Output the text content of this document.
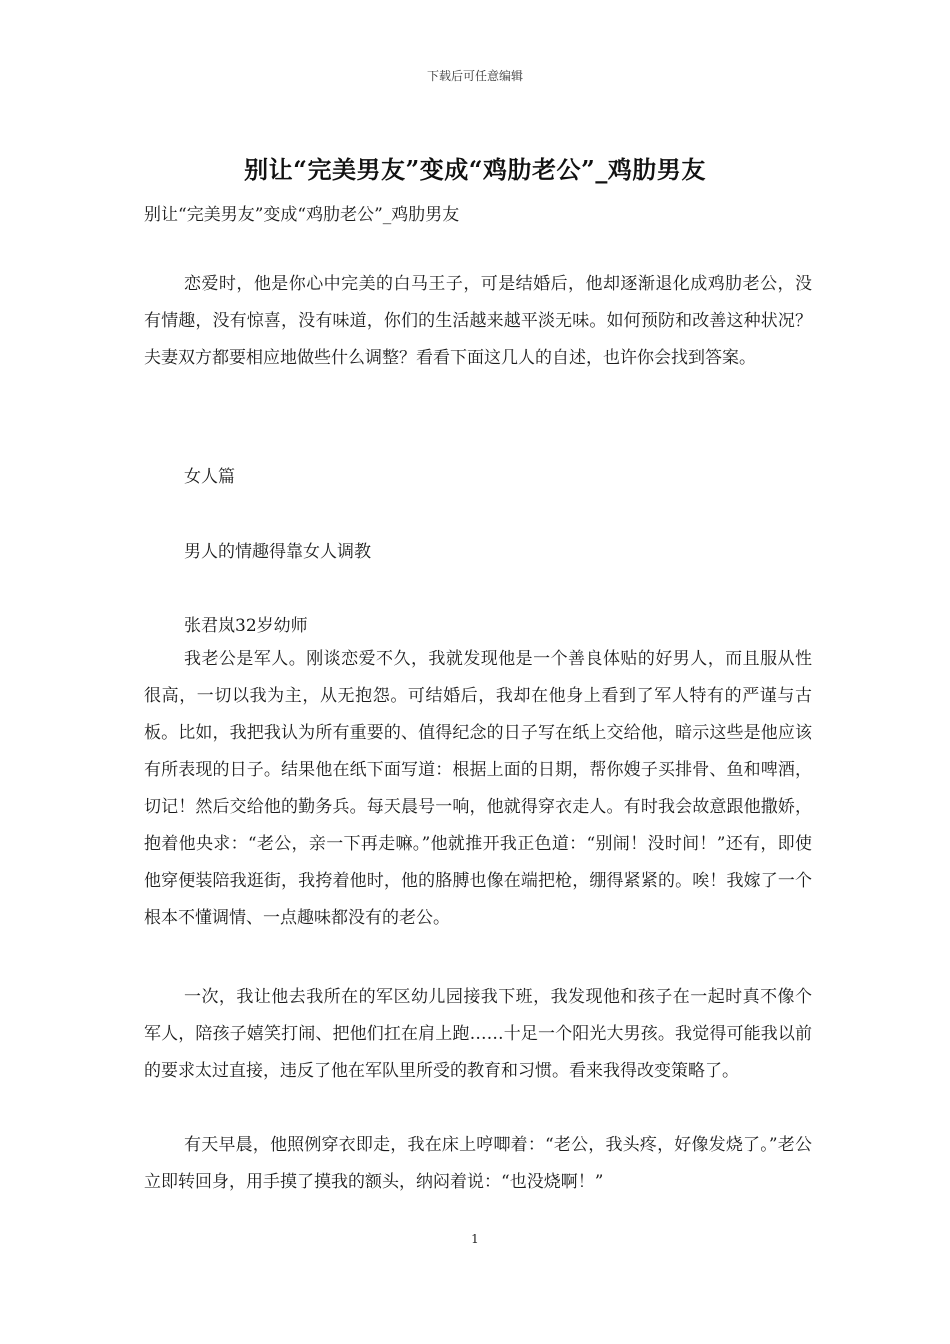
下载后可任意编辑
别让“完美男友”变成“鸡肋老公”_鸡肋男友
别让“完美男友”变成“鸡肋老公”_鸡肋男友
恋爱时，他是你心中完美的白马王子，可是结婚后，他却逐渐退化成鸡肋老公，没有情趣，没有惊喜，没有味道，你们的生活越来越平淡无味。如何预防和改善这种状况？夫妻双方都要相应地做些什么调整？看看下面这几人的自述，也许你会找到答案。
女人篇
男人的情趣得靠女人调教
张君岚32岁幼师
我老公是军人。刚谈恋爱不久，我就发现他是一个善良体贴的好男人，而且服从性很高，一切以我为主，从无抱怨。可结婚后，我却在他身上看到了军人特有的严谨与古板。比如，我把我认为所有重要的、值得纪念的日子写在纸上交给他，暗示这些是他应该有所表现的日子。结果他在纸下面写道：根据上面的日期，帮你嫂子买排骨、鱼和啤酒，切记！然后交给他的勤务兵。每天晨号一响，他就得穿衣走人。有时我会故意跟他撒娇，抱着他央求：“老公，亲一下再走嘛。”他就推开我正色道：“别闹！没时间！”还有，即使他穿便装陪我逛街，我挎着他时，他的胳膊也像在端把枪，绷得紧紧的。唉！我嫁了一个根本不懂调情、一点趣味都没有的老公。
一次，我让他去我所在的军区幼儿园接我下班，我发现他和孩子在一起时真不像个军人，陪孩子嬉笑打闹、把他们扛在肩上跑……十足一个阳光大男孩。我觉得可能我以前的要求太过直接，违反了他在军队里所受的教育和习惯。看来我得改变策略了。
有天早晨，他照例穿衣即走，我在床上哼唧着：“老公，我头疼，好像发烧了。”老公立即转回身，用手摸了摸我的额头，纳闷着说：“也没烧啊！”
1
